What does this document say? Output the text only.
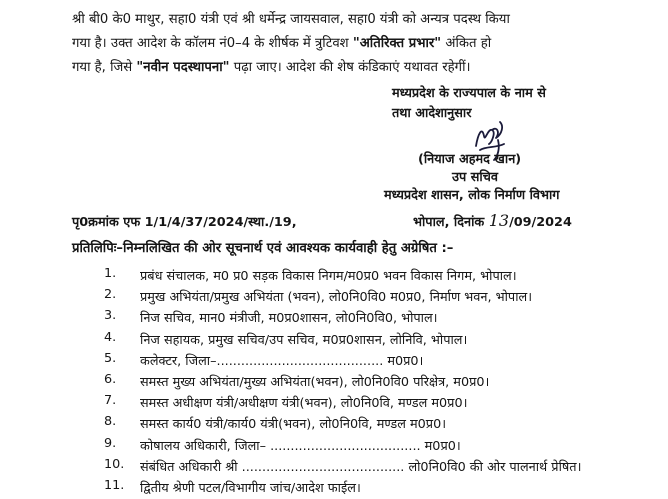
श्री बी0 के0 माथुर, सहा0 यंत्री एवं श्री धर्मेन्द्र जायसवाल, सहा0 यंत्री को अन्यत्र पदस्थ किया
गया है। उक्त आदेश के कॉलम नं0–4 के शीर्षक में त्रुटिवश "अतिरिक्त प्रभार" अंकित हो
गया है, जिसे "नवीन पदस्थापना" पढ़ा जाए। आदेश की शेष कंडिकाएं यथावत रहेगीं।
मध्यप्रदेश के राज्यपाल के नाम से
तथा आदेशानुसार
(नियाज अहमद खान)
उप सचिव
मध्यप्रदेश शासन, लोक निर्माण विभाग
पृ0क्रमांक एफ 1/1/4/37/2024/स्था./19,	भोपाल, दिनांक 13/09/2024
प्रतिलिपिः–निम्नलिखित की ओर सूचनार्थ एवं आवश्यक कार्यवाही हेतु अग्रेषित :–
1.	प्रबंध संचालक, म0 प्र0 सड़क विकास निगम/म0प्र0 भवन विकास निगम, भोपाल।
2.	प्रमुख अभियंता/प्रमुख अभियंता (भवन), लो0नि0वि0 म0प्र0, निर्माण भवन, भोपाल।
3.	निज सचिव, मान0 मंत्रीजी, म0प्र0शासन, लो0नि0वि0, भोपाल।
4.	निज सहायक, प्रमुख सचिव/उप सचिव, म0प्र0शासन, लोनिवि, भोपाल।
5.	कलेक्टर, जिला–......................................... म0प्र0।
6.	समस्त मुख्य अभियंता/मुख्य अभियंता(भवन), लो0नि0वि0 परिक्षेत्र, म0प्र0।
7.	समस्त अधीक्षण यंत्री/अधीक्षण यंत्री(भवन), लो0नि0वि, मण्डल म0प्र0।
8.	समस्त कार्य0 यंत्री/कार्य0 यंत्री(भवन), लो0नि0वि, मण्डल म0प्र0।
9.	कोषालय अधिकारी, जिला– ..................................... म0प्र0।
10.	संबंधित अधिकारी श्री ........................................ लो0नि0वि0 की ओर पालनार्थ प्रेषित।
11.	द्वितीय श्रेणी पटल/विभागीय जांच/आदेश फाईल।
